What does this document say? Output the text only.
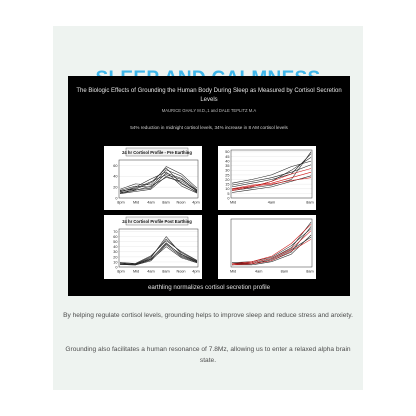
The Biologic Effects of Grounding the Human Body During Sleep as Measured by Cortisol Secretion Levels
MAURICE GHALY M.D.,1 and DALE TEPLITZ M.A
54% reduction in midnight cortisol levels, 34% increase in 8 AM cortisol levels
24 hr Cortisol Profile - Pre Earthing
0
20
40
60
8pm Mid 4am 8am Noon 4pm
24 hr Cortisol Profile Post Earthing
0
10
20
30
40
50
60
70
8pm Mid 4am 8am Noon 4pm
0
5
10
15
20
25
30
35
40
45
50
Mid	4am	8am
Mid	4am	8am	8am
earthling normalizes cortisol secretion profile

By helping regulate cortisol levels, grounding helps to improve sleep and reduce stress and anxiety.

Grounding also facilitates a human resonance of 7.8Mz, allowing us to enter a relaxed alpha brain state.
